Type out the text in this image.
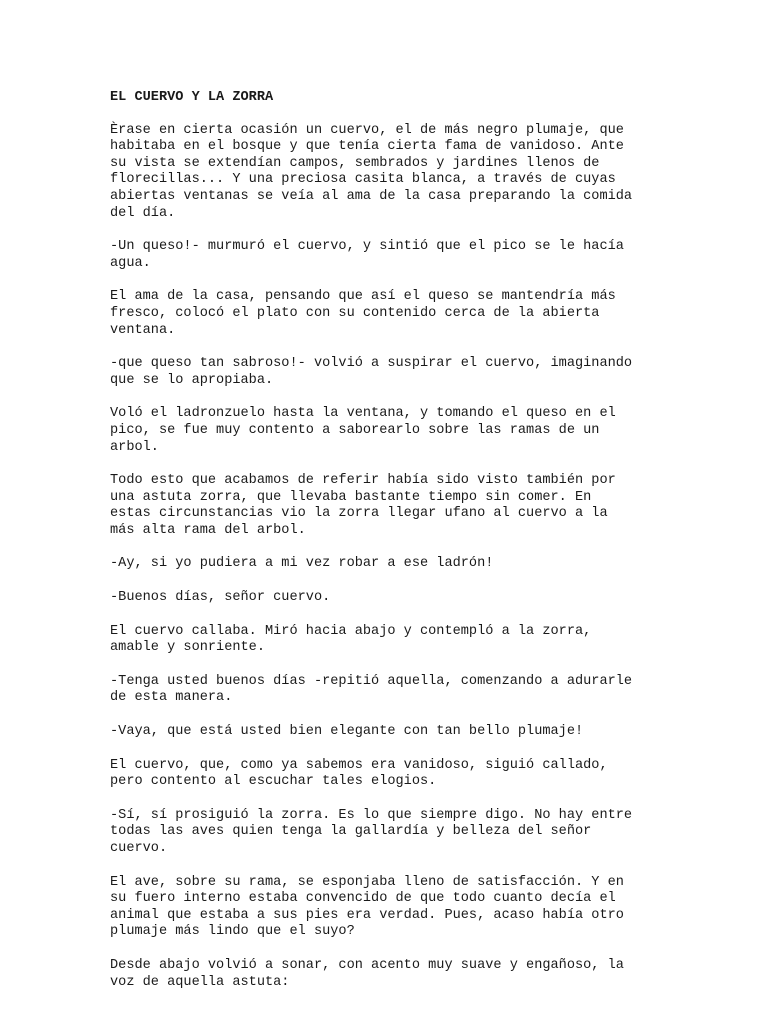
EL CUERVO Y LA ZORRA
Èrase en cierta ocasión un cuervo, el de más negro plumaje, que
habitaba en el bosque y que tenía cierta fama de vanidoso. Ante
su vista se extendían campos, sembrados y jardines llenos de
florecillas... Y una preciosa casita blanca, a través de cuyas
abiertas ventanas se veía al ama de la casa preparando la comida
del día.
-Un queso!- murmuró el cuervo, y sintió que el pico se le hacía
agua.
El ama de la casa, pensando que así el queso se mantendría más
fresco, colocó el plato con su contenido cerca de la abierta
ventana.
-que queso tan sabroso!- volvió a suspirar el cuervo, imaginando
que se lo apropiaba.
Voló el ladronzuelo hasta la ventana, y tomando el queso en el
pico, se fue muy contento a saborearlo sobre las ramas de un
arbol.
Todo esto que acabamos de referir había sido visto también por
una astuta zorra, que llevaba bastante tiempo sin comer. En
estas circunstancias vio la zorra llegar ufano al cuervo a la
más alta rama del arbol.
-Ay, si yo pudiera a mi vez robar a ese ladrón!
-Buenos días, señor cuervo.
El cuervo callaba. Miró hacia abajo y contempló a la zorra,
amable y sonriente.
-Tenga usted buenos días -repitió aquella, comenzando a adurarle
de esta manera.
-Vaya, que está usted bien elegante con tan bello plumaje!
El cuervo, que, como ya sabemos era vanidoso, siguió callado,
pero contento al escuchar tales elogios.
-Sí, sí prosiguió la zorra. Es lo que siempre digo. No hay entre
todas las aves quien tenga la gallardía y belleza del señor
cuervo.
El ave, sobre su rama, se esponjaba lleno de satisfacción. Y en
su fuero interno estaba convencido de que todo cuanto decía el
animal que estaba a sus pies era verdad. Pues, acaso había otro
plumaje más lindo que el suyo?
Desde abajo volvió a sonar, con acento muy suave y engañoso, la
voz de aquella astuta:
